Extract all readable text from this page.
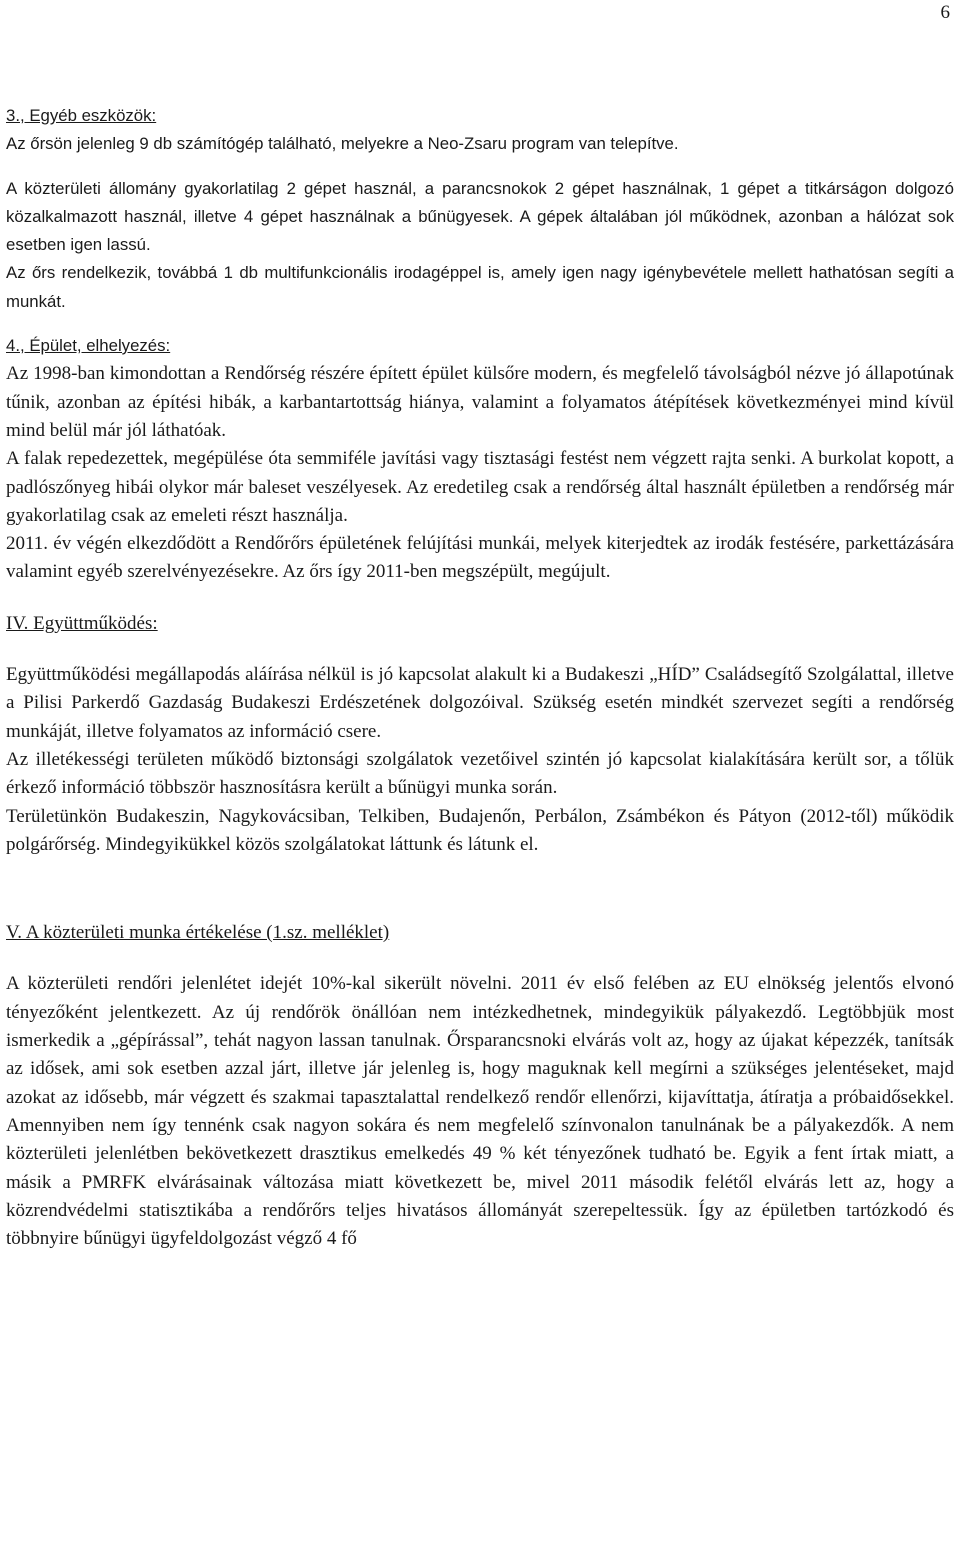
6
3., Egyéb eszközök:

Az őrsön jelenleg 9 db számítógép található, melyekre a Neo-Zsaru program van telepítve.

A közterületi állomány gyakorlatilag 2 gépet használ, a parancsnokok 2 gépet használnak, 1 gépet a titkárságon dolgozó közalkalmazott használ, illetve 4 gépet használnak a bűnügyesek. A gépek általában jól működnek, azonban a hálózat sok esetben igen lassú.

Az őrs rendelkezik, továbbá 1 db multifunkcionális irodagéppel is, amely igen nagy igénybevétele mellett hathatósan segíti a munkát.

4., Épület, elhelyezés:

Az 1998-ban kimondottan a Rendőrség részére épített épület külsőre modern, és megfelelő távolságból nézve jó állapotúnak tűnik, azonban az építési hibák, a karbantartottság hiánya, valamint a folyamatos átépítések következményei mind kívül mind belül már jól láthatóak.

A falak repedezettek, megépülése óta semmiféle javítási vagy tisztasági festést nem végzett rajta senki. A burkolat kopott, a padlószőnyeg hibái olykor már baleset veszélyesek. Az eredetileg csak a rendőrség által használt épületben a rendőrség már gyakorlatilag csak az emeleti részt használja.

2011. év végén elkezdődött a Rendőrőrs épületének felújítási munkái, melyek kiterjedtek az irodák festésére, parkettázására valamint egyéb szerelvényezésekre. Az őrs így 2011-ben megszépült, megújult.

IV. Együttműködés:

Együttműködési megállapodás aláírása nélkül is jó kapcsolat alakult ki a Budakeszi „HÍD” Családsegítő Szolgálattal, illetve a Pilisi Parkerdő Gazdaság Budakeszi Erdészetének dolgozóival. Szükség esetén mindkét szervezet segíti a rendőrség munkáját, illetve folyamatos az információ csere.

Az illetékességi területen működő biztonsági szolgálatok vezetőivel szintén jó kapcsolat kialakítására került sor, a tőlük érkező információ többször hasznosításra került a bűnügyi munka során.

Területünkön Budakeszin, Nagykovácsiban, Telkiben, Budajenőn, Perbálon, Zsámbékon és Pátyon (2012-től) működik polgárőrség. Mindegyikükkel közös szolgálatokat láttunk és látunk el.

V. A közterületi munka értékelése (1.sz. melléklet)

A közterületi rendőri jelenlétet idejét 10%-kal sikerült növelni. 2011 év első felében az EU elnökség jelentős elvonó tényezőként jelentkezett. Az új rendőrök önállóan nem intézkedhetnek, mindegyikük pályakezdő. Legtöbbjük most ismerkedik a „gépírással”, tehát nagyon lassan tanulnak. Őrsparancsnoki elvárás volt az, hogy az újakat képezzék, tanítsák az idősek, ami sok esetben azzal járt, illetve jár jelenleg is, hogy maguknak kell megírni a szükséges jelentéseket, majd azokat az idősebb, már végzett és szakmai tapasztalattal rendelkező rendőr ellenőrzi, kijavíttatja, átíratja a próbaidősekkel. Amennyiben nem így tennénk csak nagyon sokára és nem megfelelő színvonalon tanulnának be a pályakezdők. A nem közterületi jelenlétben bekövetkezett drasztikus emelkedés 49 % két tényezőnek tudható be. Egyik a fent írtak miatt, a másik a PMRFK elvárásainak változása miatt következett be, mivel 2011 második felétől elvárás lett az, hogy a közrendvédelmi statisztikába a rendőrőrs teljes hivatásos állományát szerepeltessük. Így az épületben tartózkodó és többnyire bűnügyi ügyfeldolgozást végző 4 fő
